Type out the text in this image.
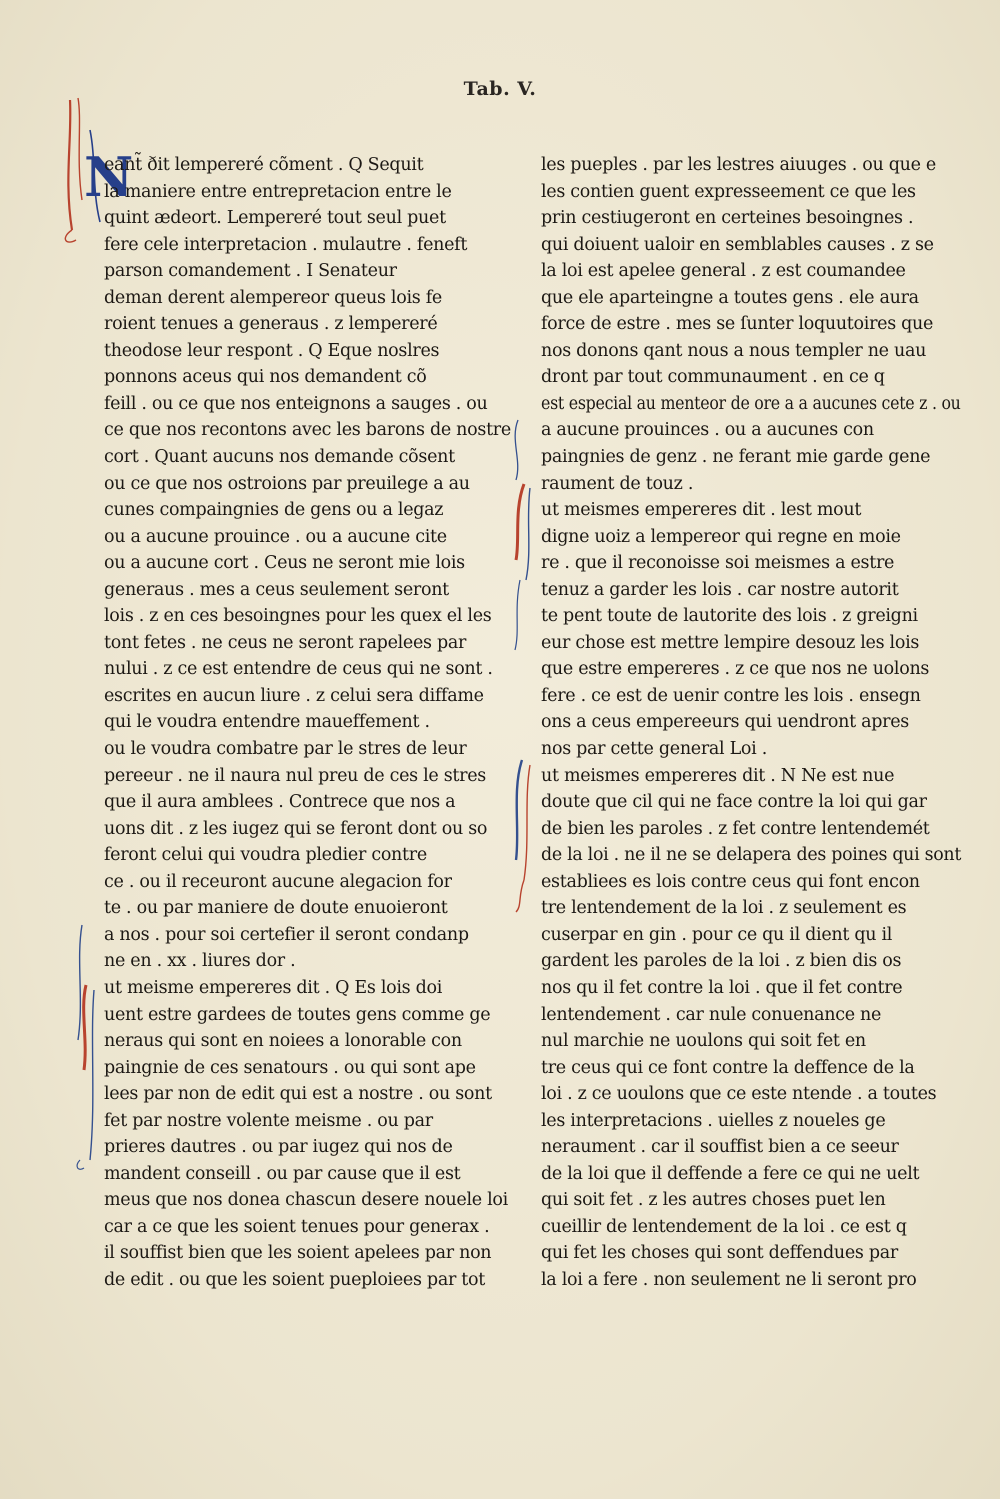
Tab. V.
N
eant̃ ðit lempereré cõment . Q Sequit
la maniere entre entrepretacion entre le
quint ædeort. Lempereré tout seul puet
fere cele interpretacion . mulautre . feneft
parson comandement . I Senateur
deman derent alempereor queus lois fe
roient tenues a generaus . z lempereré
theodose leur respont . Q Eque noslres
ponnons aceus qui nos demandent cõ
feill . ou ce que nos enteignons a sauges . ou
ce que nos recontons avec les barons de nostre
cort . Quant aucuns nos demande cõsent
ou ce que nos ostroions par preuilege a au
cunes compaingnies de gens ou a legaz
ou a aucune prouince . ou a aucune cite
ou a aucune cort . Ceus ne seront mie lois
generaus . mes a ceus seulement seront
lois . z en ces besoingnes pour les quex el les
tont fetes . ne ceus ne seront rapelees par
nului . z ce est entendre de ceus qui ne sont .
escrites en aucun liure . z celui sera diffame
qui le voudra entendre maueffement .
ou le voudra combatre par le stres de leur
pereeur . ne il naura nul preu de ces le stres
que il aura amblees . Contrece que nos a
uons dit . z les iugez qui se feront dont ou so
feront celui qui voudra pledier contre
ce . ou il receuront aucune alegacion for
te . ou par maniere de doute enuoieront
a nos . pour soi certefier il seront condanp
ne en . xx . liures dor .
ut meisme empereres dit . Q Es lois doi
uent estre gardees de toutes gens comme ge
neraus qui sont en noiees a lonorable con
paingnie de ces senatours . ou qui sont ape
lees par non de edit qui est a nostre . ou sont
fet par nostre volente meisme . ou par
prieres dautres . ou par iugez qui nos de
mandent conseill . ou par cause que il est
meus que nos donea chascun desere nouele loi
car a ce que les soient tenues pour generax .
il souffist bien que les soient apelees par non
de edit . ou que les soient pueploiees par tot
les pueples . par les lestres aiuuges . ou que e
les contien guent expresseement ce que les
prin cestiugeront en certeines besoingnes .
qui doiuent ualoir en semblables causes . z se
la loi est apelee general . z est coumandee
que ele aparteingne a toutes gens . ele aura
force de estre . mes se ſunter loquutoires que
nos donons qant nous a nous templer ne uau
dront par tout communaument . en ce q
est especial au menteor de ore a a aucunes cete z . ou
a aucune prouinces . ou a aucunes con
paingnies de genz . ne ferant mie garde gene
raument de touz .
ut meismes empereres dit . lest mout
digne uoiz a lempereor qui regne en moie
re . que il reconoisse soi meismes a estre
tenuz a garder les lois . car nostre autorit
te pent toute de lautorite des lois . z greigni
eur chose est mettre lempire desouz les lois
que estre empereres . z ce que nos ne uolons
fere . ce est de uenir contre les lois . ensegn
ons a ceus empereeurs qui uendront apres
nos par cette general Loi .
ut meismes empereres dit . N Ne est nue
doute que cil qui ne face contre la loi qui gar
de bien les paroles . z fet contre lentendemét
de la loi . ne il ne se delapera des poines qui sont
establiees es lois contre ceus qui font encon
tre lentendement de la loi . z seulement es
cuserpar en gin . pour ce qu il dient qu il
gardent les paroles de la loi . z bien dis os
nos qu il fet contre la loi . que il fet contre
lentendement . car nule conuenance ne
nul marchie ne uoulons qui soit fet en
tre ceus qui ce font contre la deffence de la
loi . z ce uoulons que ce este ntende . a toutes
les interpretacions . uielles z noueles ge
neraument . car il souffist bien a ce seeur
de la loi que il deffende a fere ce qui ne uelt
qui soit fet . z les autres choses puet len
cueillir de lentendement de la loi . ce est q
qui fet les choses qui sont deffendues par
la loi a fere . non seulement ne li seront pro
